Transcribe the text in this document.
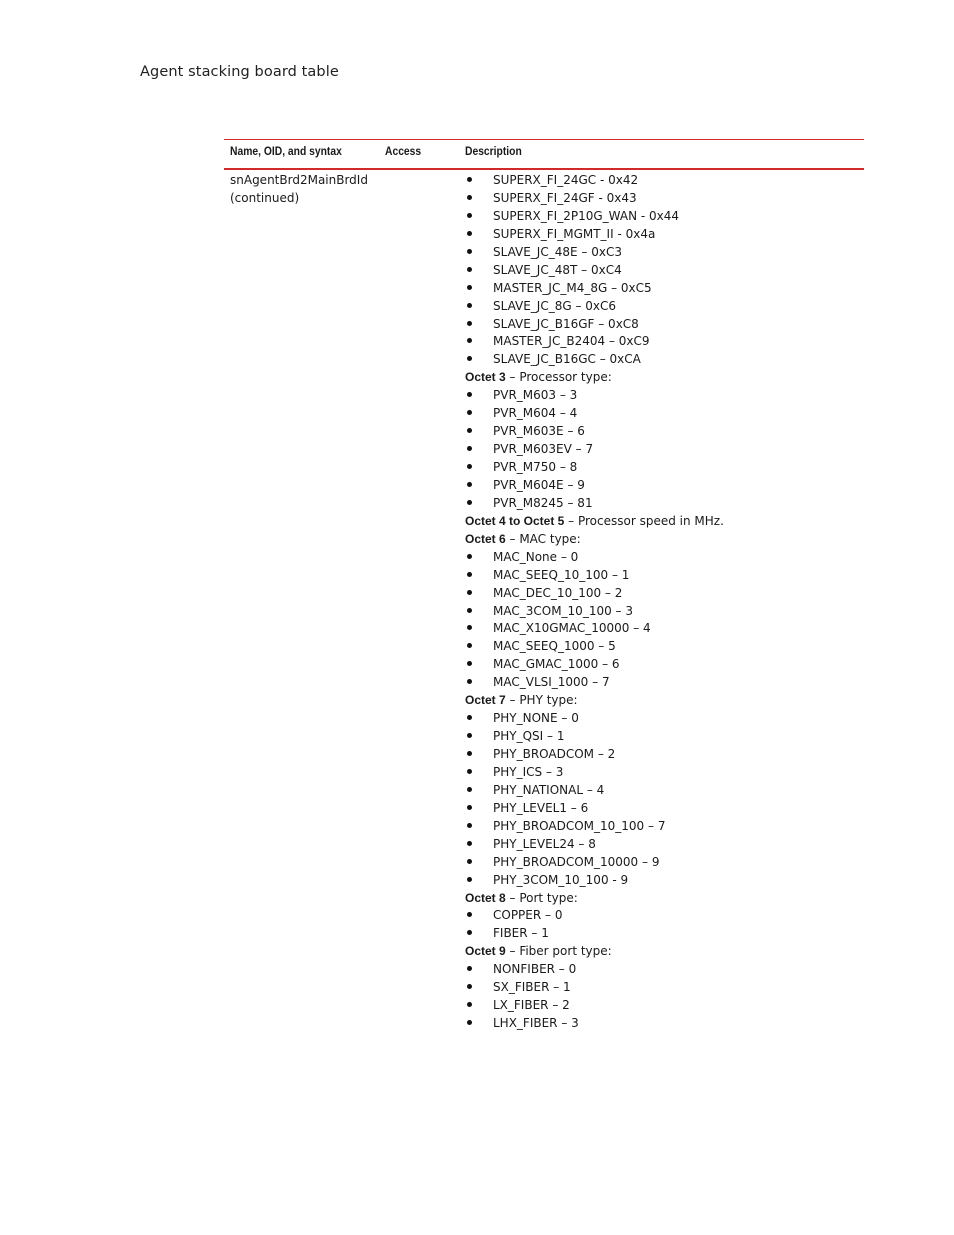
Agent stacking board table
Name, OID, and syntax	Access	Description
snAgentBrd2MainBrdId
(continued)
SUPERX_FI_24GC - 0x42
SUPERX_FI_24GF - 0x43
SUPERX_FI_2P10G_WAN - 0x44
SUPERX_FI_MGMT_II - 0x4a
SLAVE_JC_48E – 0xC3
SLAVE_JC_48T – 0xC4
MASTER_JC_M4_8G – 0xC5
SLAVE_JC_8G – 0xC6
SLAVE_JC_B16GF – 0xC8
MASTER_JC_B2404 – 0xC9
SLAVE_JC_B16GC – 0xCA
Octet 3 – Processor type:
PVR_M603 – 3
PVR_M604 – 4
PVR_M603E – 6
PVR_M603EV – 7
PVR_M750 – 8
PVR_M604E – 9
PVR_M8245 – 81
Octet 4 to Octet 5 – Processor speed in MHz.
Octet 6 – MAC type:
MAC_None – 0
MAC_SEEQ_10_100 – 1
MAC_DEC_10_100 – 2
MAC_3COM_10_100 – 3
MAC_X10GMAC_10000 – 4
MAC_SEEQ_1000 – 5
MAC_GMAC_1000 – 6
MAC_VLSI_1000 – 7
Octet 7 – PHY type:
PHY_NONE – 0
PHY_QSI – 1
PHY_BROADCOM – 2
PHY_ICS – 3
PHY_NATIONAL – 4
PHY_LEVEL1 – 6
PHY_BROADCOM_10_100 – 7
PHY_LEVEL24 – 8
PHY_BROADCOM_10000 – 9
PHY_3COM_10_100 - 9
Octet 8 – Port type:
COPPER – 0
FIBER – 1
Octet 9 – Fiber port type:
NONFIBER – 0
SX_FIBER – 1
LX_FIBER – 2
LHX_FIBER – 3
